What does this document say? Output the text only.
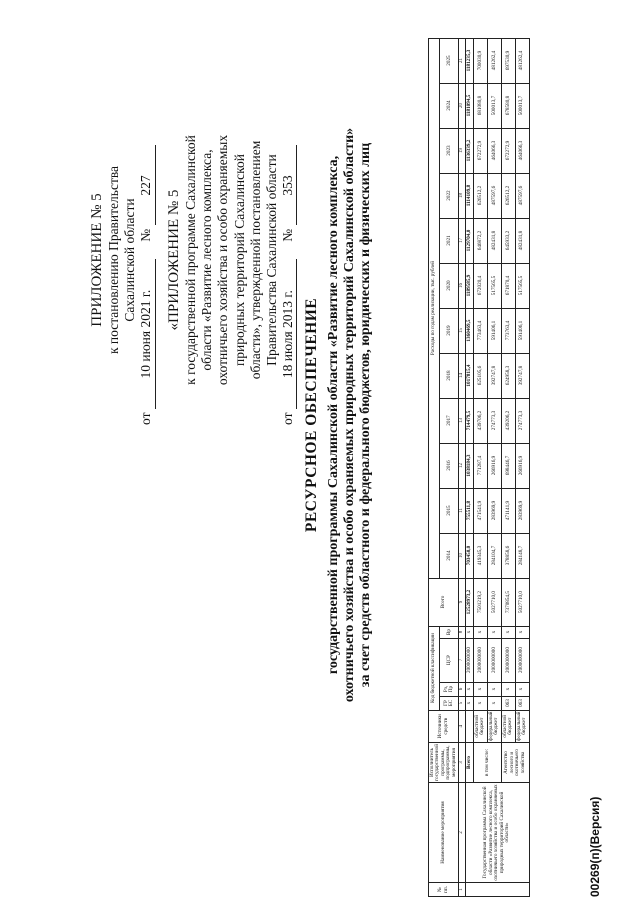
ПРИЛОЖЕНИЕ № 5 к постановлению Правительства Сахалинской области
от 10 июня 2021 г. № 227
«ПРИЛОЖЕНИЕ № 5 к государственной программе Сахалинской области «Развитие лесного комплекса, охотничьего хозяйства и особо охраняемых природных территорий Сахалинской области», утвержденной постановлением Правительства Сахалинской области
от 18 июля 2013 г. № 353
РЕСУРСНОЕ ОБЕСПЕЧЕНИЕ государственной программы Сахалинской области «Развитие лесного комплекса, охотничьего хозяйства и особо охраняемых природных территорий Сахалинской области» за счет средств областного и федерального бюджетов, юридических и физических лиц
№ пп.	Наименование мероприятия	Исполнитель государственной программы, подпрограммы, мероприятия	Источники средств	Код бюджетной классификации				Всего	Расходы по годам реализации, тыс. рублей											
				ГР БС	Рз, Пр	ЦСР	Вр		2014	2015	2016	2017	2018	2019	2020	2021	2022	2023	2024	2025
1	2	3	4	5	6	7	8	9	10	11	12	13	14	15	16	17	18	19	20	21
	Государственная программа Сахалинской области «Развитие лесного комплекса, охотничьего хозяйства и особо охраняемых природных территорий Сахалинской области»	Всего		х	х	2000000000	х	12528973,2	703450,0	755511,8	1038184,3	714479,5	1017815,4	1360469,5	1189585,9	1129704,0	1114109,8	1136339,2	1181094,5	1181235,3
		в том числе:	областной бюджет	х	х	2000000000	х	7501219,2	419345,3	471541,9	771287,4	439706,2	625105,6	773463,4	672020,4	646872,2	626512,2	672272,9	681080,8	700030,9
			федеральный бюджет	х	х	2000000000	х	5027710,0	284104,7	283969,9	266916,9	274773,3	392747,8	591406,1	517565,5	482431,8	487597,6	464066,3	500013,7	481262,4
		Агентство лесного и охотничьего хозяйства	областной бюджет	063	х	2000000000	х	7370854,5	378858,6	471141,9	698446,7	439206,2	624958,3	773763,4	671870,4	645933,2	626512,2	672272,9	678580,8	697530,9
			федеральный бюджет	063	х	2000000000	х	5027710,0	284148,7	283969,9	266916,9	274773,3	392747,8	591406,1	517565,5	482431,8	487597,6	464066,3	500013,7	481262,4
00269(п)(Версия)
